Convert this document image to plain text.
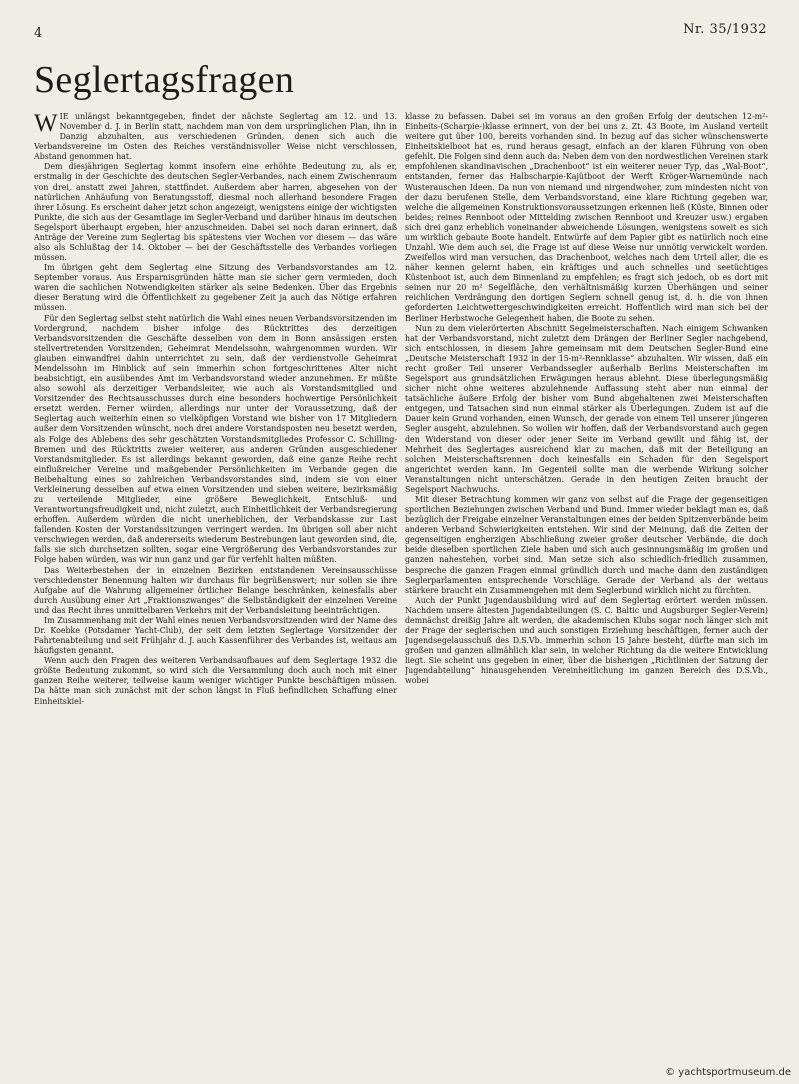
4	Nr. 35/1932
Seglertagsfragen

WIE unlängst bekanntgegeben, findet der nächste Seglertag am 12. und 13. November d. J. in Berlin statt, nachdem man von dem ursprünglichen Plan, ihn in Danzig abzuhalten, aus verschiedenen Gründen, denen sich auch die Verbandsvereine im Osten des Reiches verständnisvoller Weise nicht verschlossen, Abstand genommen hat.

Dem diesjährigen Seglertag kommt insofern eine erhöhte Bedeutung zu, als er, erstmalig in der Geschichte des deutschen Segler-Verbandes, nach einem Zwischenraum von drei, anstatt zwei Jahren, stattfindet. Außerdem aber harren, abgesehen von der natürlichen Anhäufung von Beratungsstoff, diesmal noch allerhand besondere Fragen ihrer Lösung. Es erscheint daher jetzt schon angezeigt, wenigstens einige der wichtigsten Punkte, die sich aus der Gesamtlage im Segler-Verband und darüber hinaus im deutschen Segelsport überhaupt ergeben, hier anzuschneiden. Dabei sei noch daran erinnert, daß Anträge der Vereine zum Seglertag bis spätestens vier Wochen vor diesem — das wäre also als Schlußtag der 14. Oktober — bei der Geschäftsstelle des Verbandes vorliegen müssen.

Im übrigen geht dem Seglertag eine Sitzung des Verbandsvorstandes am 12. September voraus. Aus Ersparnisgründen hätte man sie sicher gern vermieden, doch waren die sachlichen Notwendigkeiten stärker als seine Bedenken. Über das Ergebnis dieser Beratung wird die Öffentlichkeit zu gegebener Zeit ja auch das Nötige erfahren müssen.

Für den Seglertag selbst steht natürlich die Wahl eines neuen Verbandsvorsitzenden im Vordergrund, nachdem bisher infolge des Rücktrittes des derzeitigen Verbandsvorsitzenden die Geschäfte desselben von dem in Bonn ansässigen ersten stellvertretenden Vorsitzenden, Geheimrat Mendelssohn, wahrgenommen wurden. Wir glauben einwandfrei dahin unterrichtet zu sein, daß der verdienstvolle Geheimrat Mendelssohn im Hinblick auf sein immerhin schon fortgeschrittenes Alter nicht beabsichtigt, ein ausübendes Amt im Verbandsvorstand wieder anzunehmen. Er müßte also sowohl als derzeitiger Verbandsleiter, wie auch als Vorstandsmitglied und Vorsitzender des Rechtsausschusses durch eine besonders hochwertige Persönlichkeit ersetzt werden. Ferner würden, allerdings nur unter der Voraussetzung, daß der Seglertag auch weiterhin einen so vielköpfigen Vorstand wie bisher von 17 Mitgliedern außer dem Vorsitzenden wünscht, noch drei andere Vorstandsposten neu besetzt werden, als Folge des Ablebens des sehr geschätzten Vorstandsmitgliedes Professor C. Schilling-Bremen und des Rücktritts zweier weiterer, aus anderen Gründen ausgeschiedener Vorstandsmitglieder. Es ist allerdings bekannt geworden, daß eine ganze Reihe recht einflußreicher Vereine und maßgebender Persönlichkeiten im Verbande gegen die Beibehaltung eines so zahlreichen Verbandsvorstandes sind, indem sie von einer Verkleinerung desselben auf etwa einen Vorsitzenden und sieben weitere, bezirksmäßig zu verteilende Mitglieder, eine größere Beweglichkeit, Entschluß- und Verantwortungsfreudigkeit und, nicht zuletzt, auch Einheitlichkeit der Verbandsregierung erhoffen. Außerdem würden die nicht unerheblichen, der Verbandskasse zur Last fallenden Kosten der Vorstandssitzungen verringert werden. Im übrigen soll aber nicht verschwiegen werden, daß andererseits wiederum Bestrebungen laut geworden sind, die, falls sie sich durchsetzen sollten, sogar eine Vergrößerung des Verbandsvorstandes zur Folge haben würden, was wir nun ganz und gar für verfehlt halten müßten.

Das Weiterbestehen der in einzelnen Bezirken entstandenen Vereinsausschüsse verschiedenster Benennung halten wir durchaus für begrüßenswert; nur sollen sie ihre Aufgabe auf die Wahrung allgemeiner örtlicher Belange beschränken, keinesfalls aber durch Ausübung einer Art „Fraktionszwanges“ die Selbständigkeit der einzelnen Vereine und das Recht ihres unmittelbaren Verkehrs mit der Verbandsleitung beeinträchtigen.

Im Zusammenhang mit der Wahl eines neuen Verbandsvorsitzenden wird der Name des Dr. Koebke (Potsdamer Yacht-Club), der seit dem letzten Seglertage Vorsitzender der Fahrtenabteilung und seit Frühjahr d. J. auch Kassenführer des Verbandes ist, weitaus am häufigsten genannt.

Wenn auch den Fragen des weiteren Verbandsaufbaues auf dem Seglertage 1932 die größte Bedeutung zukommt, so wird sich die Versammlung doch auch noch mit einer ganzen Reihe weiterer, teilweise kaum weniger wichtiger Punkte beschäftigen müssen. Da hätte man sich zunächst mit der schon längst in Fluß befindlichen Schaffung einer Einheitskiel-

klasse zu befassen. Dabei sei im voraus an den großen Erfolg der deutschen 12-m²-Einheits-(Scharpie-)klasse erinnert, von der bei uns z. Zt. 43 Boote, im Ausland verteilt weitere gut über 100, bereits vorhanden sind. In bezug auf das sicher wünschenswerte Einheitskielboot hat es, rund heraus gesagt, einfach an der klaren Führung von oben gefehlt. Die Folgen sind denn auch da: Neben dem von den nordwestlichen Vereinen stark empfohlenen skandinavischen „Drachenboot“ ist ein weiterer neuer Typ, das „Wal-Boot“, entstanden, ferner das Halbscharpie-Kajütboot der Werft Kröger-Warnemünde nach Wusterauschen Ideen. Da nun von niemand und nirgendwoher, zum mindesten nicht von der dazu berufenen Stelle, dem Verbandsvorstand, eine klare Richtung gegeben war, welche die allgemeinen Konstruktionsvoraussetzungen erkennen ließ (Küste, Binnen oder beides; reines Rennboot oder Mittelding zwischen Rennboot und Kreuzer usw.) ergaben sich drei ganz erheblich voneinander abweichende Lösungen, wenigstens soweit es sich um wirklich gebaute Boote handelt. Entwürfe auf dem Papier gibt es natürlich noch eine Unzahl. Wie dem auch sei, die Frage ist auf diese Weise nur unnötig verwickelt worden. Zweifellos wird man versuchen, das Drachenboot, welches nach dem Urteil aller, die es näher kennen gelernt haben, ein kräftiges und auch schnelles und seetüchtiges Küstenboot ist, auch dem Binnenland zu empfehlen; es fragt sich jedoch, ob es dort mit seinen nur 20 m² Segelfläche, den verhältnismäßig kurzen Überhängen und seiner reichlichen Verdrängung den dortigen Seglern schnell genug ist, d. h. die von ihnen geforderten Leichtwettergeschwindigkeiten erreicht. Hoffentlich wird man sich bei der Berliner Herbstwoche Gelegenheit haben, die Boote zu sehen.

Nun zu dem vielerörterten Abschnitt Segelmeisterschaften. Nach einigem Schwanken hat der Verbandsvorstand, nicht zuletzt dem Drängen der Berliner Segler nachgebend, sich entschlossen, in diesem Jahre gemeinsam mit dem Deutschen Segler-Bund eine „Deutsche Meisterschaft 1932 in der 15-m²-Rennklasse“ abzuhalten. Wir wissen, daß ein recht großer Teil unserer Verbandssegler außerhalb Berlins Meisterschaften im Segelsport aus grundsätzlichen Erwägungen heraus ablehnt. Diese überlegungsmäßig sicher nicht ohne weiteres abzulehnende Auffassung steht aber nun einmal der tatsächliche äußere Erfolg der bisher vom Bund abgehaltenen zwei Meisterschaften entgegen, und Tatsachen sind nun einmal stärker als Überlegungen. Zudem ist auf die Dauer kein Grund vorhanden, einen Wunsch, der gerade von einem Teil unserer jüngeren Segler ausgeht, abzulehnen. So wollen wir hoffen, daß der Verbandsvorstand auch gegen den Widerstand von dieser oder jener Seite im Verband gewillt und fähig ist, der Mehrheit des Seglertages ausreichend klar zu machen, daß mit der Beteiligung an solchen Meisterschaftsrennen doch keinesfalls ein Schaden für den Segelsport angerichtet werden kann. Im Gegenteil sollte man die werbende Wirkung solcher Veranstaltungen nicht unterschätzen. Gerade in den heutigen Zeiten braucht der Segelsport Nachwuchs.

Mit dieser Betrachtung kommen wir ganz von selbst auf die Frage der gegenseitigen sportlichen Beziehungen zwischen Verband und Bund. Immer wieder beklagt man es, daß bezüglich der Freigabe einzelner Veranstaltungen eines der beiden Spitzenverbände beim anderen Verband Schwierigkeiten entstehen. Wir sind der Meinung, daß die Zeiten der gegenseitigen engherzigen Abschließung zweier großer deutscher Verbände, die doch beide dieselben sportlichen Ziele haben und sich auch gesinnungsmäßig im großen und ganzen nahestehen, vorbei sind. Man setze sich also schiedlich-friedlich zusammen, bespreche die ganzen Fragen einmal gründlich durch und mache dann den zuständigen Seglerparlamenten entsprechende Vorschläge. Gerade der Verband als der weitaus stärkere braucht ein Zusammengehen mit dem Seglerbund wirklich nicht zu fürchten.

Auch der Punkt Jugendausbildung wird auf dem Seglertag erörtert werden müssen. Nachdem unsere ältesten Jugendabteilungen (S. C. Baltic und Augsburger Segler-Verein) demnächst dreißig Jahre alt werden, die akademischen Klubs sogar noch länger sich mit der Frage der seglerischen und auch sonstigen Erziehung beschäftigen, ferner auch der Jugendsegelausschuß des D.S.Vb. immerhin schon 15 Jahre besteht, dürfte man sich im großen und ganzen allmählich klar sein, in welcher Richtung da die weitere Entwicklung liegt. Sie scheint uns gegeben in einer, über die bisherigen „Richtlinien der Satzung der Jugendabteilung“ hinausgehenden Vereinheitlichung im ganzen Bereich des D.S.Vb., wobei

© yachtsportmuseum.de
